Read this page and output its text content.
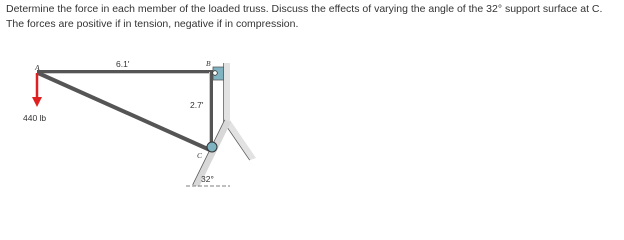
Determine the force in each member of the loaded truss. Discuss the effects of varying the angle of the 32° support surface at C. The forces are positive if in tension, negative if in compression.

A	B
C
6.1'
2.7'
440 lb
32°
